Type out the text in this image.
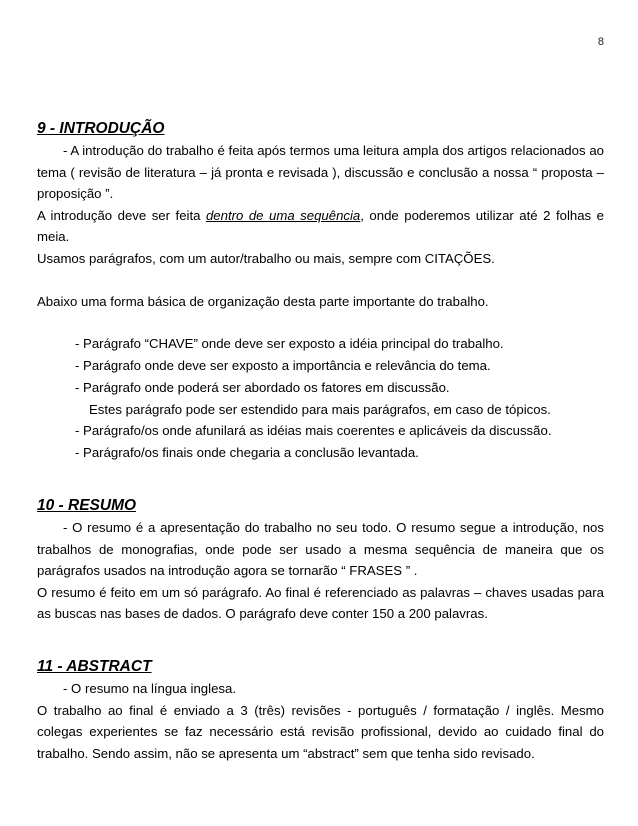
8

9 - INTRODUÇÃO

- A introdução do trabalho é feita após termos uma leitura ampla dos artigos relacionados ao tema ( revisão de literatura – já pronta e revisada ), discussão e conclusão a nossa “ proposta – proposição ”.

A introdução deve ser feita dentro de uma sequência, onde poderemos utilizar até 2 folhas e meia.

Usamos parágrafos, com um autor/trabalho ou mais, sempre com CITAÇÕES.

Abaixo uma forma básica de organização desta parte importante do trabalho.

- Parágrafo “CHAVE” onde deve ser exposto a idéia principal do trabalho.
- Parágrafo onde deve ser exposto a importância e relevância do tema.
- Parágrafo onde poderá ser abordado os fatores em discussão.
Estes parágrafo pode ser estendido para mais parágrafos, em caso de tópicos.
- Parágrafo/os onde afunilará as idéias mais coerentes e aplicáveis da discussão.
- Parágrafo/os finais onde chegaria a conclusão levantada.

10 - RESUMO

- O resumo é a apresentação do trabalho no seu todo. O resumo segue a introdução, nos trabalhos de monografias, onde pode ser usado a mesma sequência de maneira que os parágrafos usados na introdução agora se tornarão “ FRASES ” .

O resumo é feito em um só parágrafo. Ao final é referenciado as palavras – chaves usadas para as buscas nas bases de dados. O parágrafo deve conter 150 a 200 palavras.

11 - ABSTRACT

- O resumo na língua inglesa.

O trabalho ao final é enviado a 3 (três) revisões - português / formatação / inglês. Mesmo colegas experientes se faz necessário está revisão profissional, devido ao cuidado final do trabalho. Sendo assim, não se apresenta um “abstract” sem que tenha sido revisado.
